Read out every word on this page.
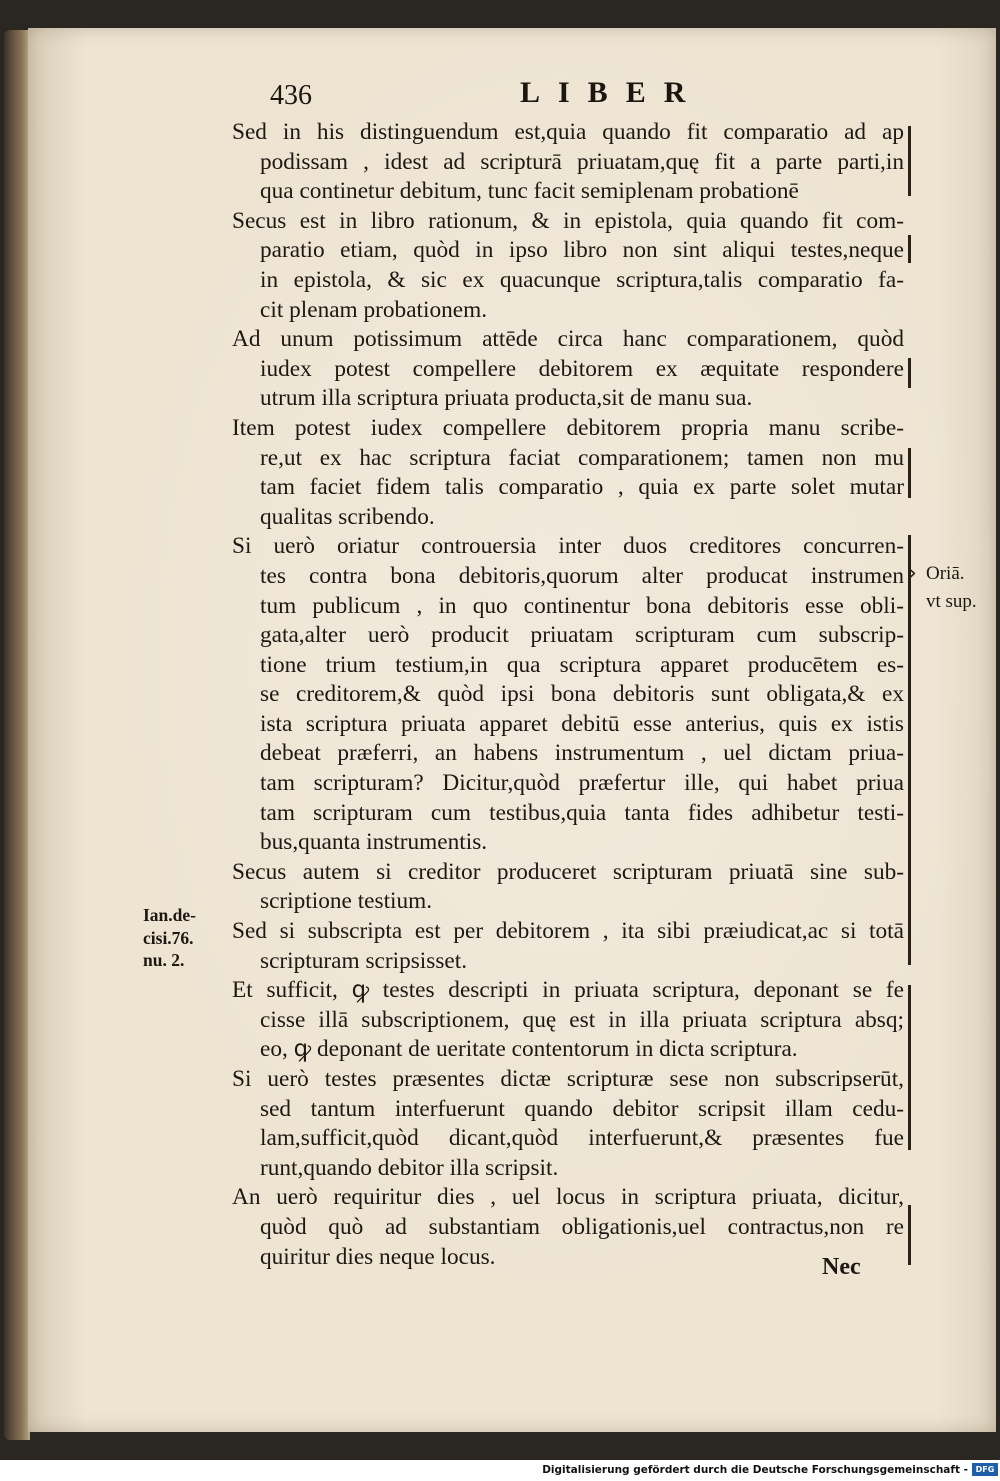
436	LIBER

Sed in his distinguendum est,quia quando fit comparatio ad ap
podissam , idest ad scripturā priuatam,quę fit a parte parti,in
qua continetur debitum, tunc facit semiplenam probationē

Secus est in libro rationum, & in epistola, quia quando fit com-
paratio etiam, quòd in ipso libro non sint aliqui testes,neque
in epistola, & sic ex quacunque scriptura,talis comparatio fa-
cit plenam probationem.

Ad unum potissimum attēde circa hanc comparationem, quòd
iudex potest compellere debitorem ex æquitate respondere
utrum illa scriptura priuata producta,sit de manu sua.

Item potest iudex compellere debitorem propria manu scribe-
re,ut ex hac scriptura faciat comparationem; tamen non mu
tam faciet fidem talis comparatio , quia ex parte solet mutar
qualitas scribendo.

Si uerò oriatur controuersia inter duos creditores concurren-
tes contra bona debitoris,quorum alter producat instrumen
tum publicum , in quo continentur bona debitoris esse obli-
gata,alter uerò producit priuatam scripturam cum subscrip-
tione trium testium,in qua scriptura apparet producētem es-
se creditorem,& quòd ipsi bona debitoris sunt obligata,& ex
ista scriptura priuata apparet debitū esse anterius, quis ex istis
debeat præferri, an habens instrumentum , uel dictam priua-
tam scripturam? Dicitur,quòd præfertur ille, qui habet priua
tam scripturam cum testibus,quia tanta fides adhibetur testi-
bus,quanta instrumentis.

Secus autem si creditor produceret scripturam priuatā sine sub-
scriptione testium.

Sed si subscripta est per debitorem , ita sibi præiudicat,ac si totā
scripturam scripsisset.

Et sufficit, ꝙ testes descripti in priuata scriptura, deponant se fe
cisse illā subscriptionem, quę est in illa priuata scriptura absq;
eo, ꝙ deponant de ueritate contentorum in dicta scriptura.

Si uerò testes præsentes dictæ scripturæ sese non subscripserūt,
sed tantum interfuerunt quando debitor scripsit illam cedu-
lam,sufficit,quòd dicant,quòd interfuerunt,& præsentes fue
runt,quando debitor illa scripsit.

An uerò requiritur dies , uel locus in scriptura priuata, dicitur,
quòd quò ad substantiam obligationis,uel contractus,non re
quiritur dies neque locus.

› Oriā.
vt sup.
Ian.de-
cisi.76.
nu. 2.
Nec
Digitalisierung gefördert durch die Deutsche Forschungsgemeinschaft - DFG
